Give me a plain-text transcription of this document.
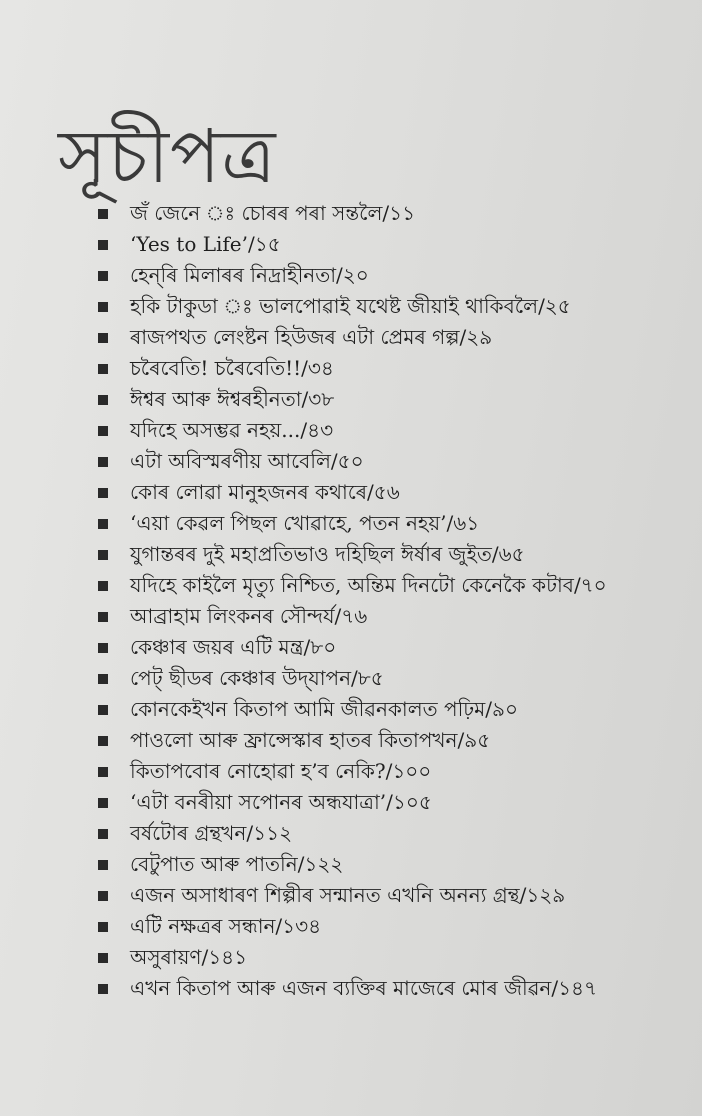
সূচীপত্র
জঁ জেনে ঃ চোৰৰ পৰা সন্তলৈ/১১
‘Yes to Life’/১৫
হেন্‌ৰি মিলাৰৰ নিদ্ৰাহীনতা/২০
হকি টাকুডা ঃ ভালপোৱাই যথেষ্ট জীয়াই থাকিবলৈ/২৫
ৰাজপথত লেংষ্টন হিউজৰ এটা প্ৰেমৰ গল্প/২৯
চৰৈবেতি! চৰৈবেতি!!/৩৪
ঈশ্বৰ আৰু ঈশ্বৰহীনতা/৩৮
যদিহে অসম্ভৱ নহয়.../৪৩
এটা অবিস্মৰণীয় আবেলি/৫০
কোৰ লোৱা মানুহজনৰ কথাৰে/৫৬
‘এয়া কেৱল পিছল খোৱাহে, পতন নহয়’/৬১
যুগান্তৰৰ দুই মহাপ্ৰতিভাও দহিছিল ঈৰ্ষাৰ জুইত/৬৫
যদিহে কাইলৈ মৃত্যু নিশ্চিত, অন্তিম দিনটো কেনেকৈ কটাব/৭০
আব্ৰাহাম লিংকনৰ সৌন্দৰ্য/৭৬
কেঞ্চাৰ জয়ৰ এটি মন্ত্ৰ/৮০
পেট্ ছীডৰ কেঞ্চাৰ উদ্‌যাপন/৮৫
কোনকেইখন কিতাপ আমি জীৱনকালত পঢ়িম/৯০
পাওলো আৰু ফ্ৰান্সেস্কাৰ হাতৰ কিতাপখন/৯৫
কিতাপবোৰ নোহোৱা হ’ব নেকি?/১০০
‘এটা বনৰীয়া সপোনৰ অন্ধযাত্ৰা’/১০৫
বৰ্ষটোৰ গ্ৰন্থখন/১১২
বেটুপাত আৰু পাতনি/১২২
এজন অসাধাৰণ শিল্পীৰ সন্মানত এখনি অনন্য গ্ৰন্থ/১২৯
এটি নক্ষত্ৰৰ সন্ধান/১৩৪
অসুৰায়ণ/১৪১
এখন কিতাপ আৰু এজন ব্যক্তিৰ মাজেৰে মোৰ জীৱন/১৪৭
